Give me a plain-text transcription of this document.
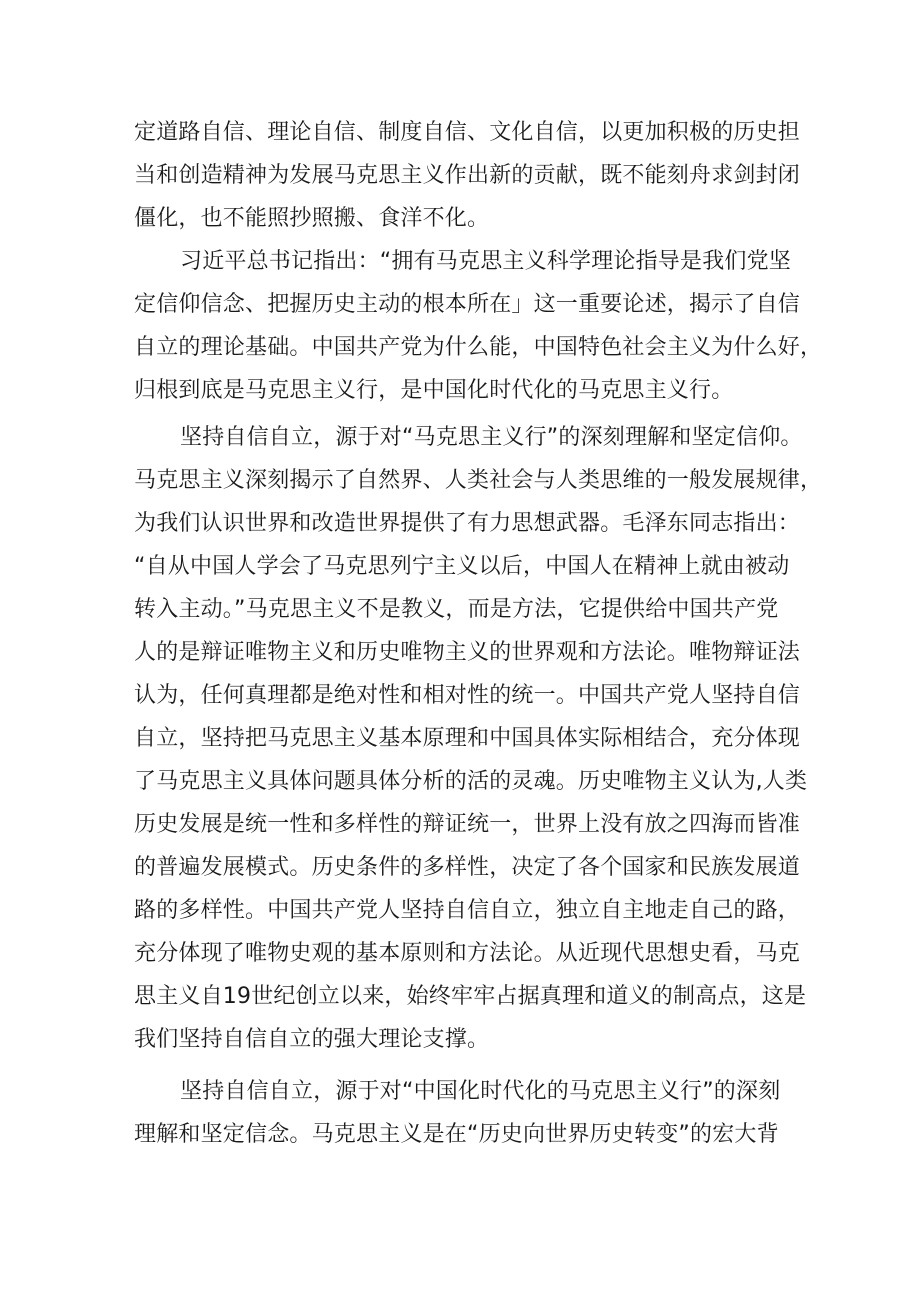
定道路自信、理论自信、制度自信、文化自信，以更加积极的历史担
当和创造精神为发展马克思主义作出新的贡献，既不能刻舟求剑封闭
僵化，也不能照抄照搬、食洋不化。
习近平总书记指出：“拥有马克思主义科学理论指导是我们党坚
定信仰信念、把握历史主动的根本所在」这一重要论述，揭示了自信
自立的理论基础。中国共产党为什么能，中国特色社会主义为什么好，
归根到底是马克思主义行，是中国化时代化的马克思主义行。
坚持自信自立，源于对“马克思主义行”的深刻理解和坚定信仰。
马克思主义深刻揭示了自然界、人类社会与人类思维的一般发展规律，
为我们认识世界和改造世界提供了有力思想武器。毛泽东同志指出：
“自从中国人学会了马克思列宁主义以后，中国人在精神上就由被动
转入主动。”马克思主义不是教义，而是方法，它提供给中国共产党
人的是辩证唯物主义和历史唯物主义的世界观和方法论。唯物辩证法
认为，任何真理都是绝对性和相对性的统一。中国共产党人坚持自信
自立，坚持把马克思主义基本原理和中国具体实际相结合，充分体现
了马克思主义具体问题具体分析的活的灵魂。历史唯物主义认为,人类
历史发展是统一性和多样性的辩证统一，世界上没有放之四海而皆准
的普遍发展模式。历史条件的多样性，决定了各个国家和民族发展道
路的多样性。中国共产党人坚持自信自立，独立自主地走自己的路，
充分体现了唯物史观的基本原则和方法论。从近现代思想史看，马克
思主义自19世纪创立以来，始终牢牢占据真理和道义的制高点，这是
我们坚持自信自立的强大理论支撑。
坚持自信自立，源于对“中国化时代化的马克思主义行”的深刻
理解和坚定信念。马克思主义是在“历史向世界历史转变”的宏大背
